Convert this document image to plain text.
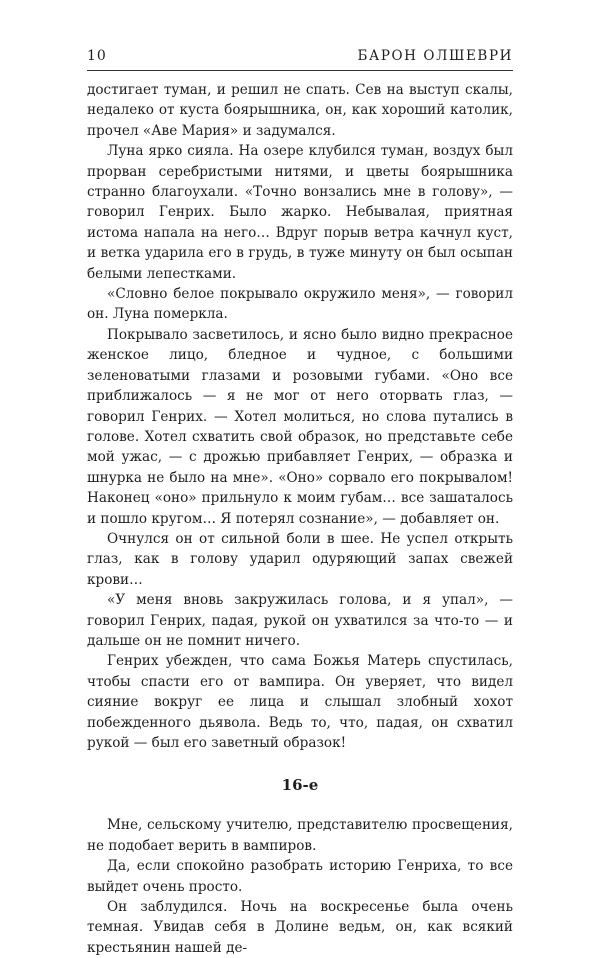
10	БАРОН ОЛШЕВРИ

достигает туман, и решил не спать. Сев на выступ скалы, недалеко от куста боярышника, он, как хороший католик, прочел «Аве Мария» и задумался.

Луна ярко сияла. На озере клубился туман, воздух был прорван серебристыми нитями, и цветы боярышника странно благоухали. «Точно вонзались мне в голову», — говорил Генрих. Было жарко. Небывалая, приятная истома напала на него… Вдруг порыв ветра качнул куст, и ветка ударила его в грудь, в туже минуту он был осыпан белыми лепестками.

«Словно белое покрывало окружило меня», — говорил он. Луна померкла.

Покрывало засветилось, и ясно было видно прекрасное женское лицо, бледное и чудное, с большими зеленоватыми глазами и розовыми губами. «Оно все приближалось — я не мог от него оторвать глаз, — говорил Генрих. — Хотел молиться, но слова путались в голове. Хотел схватить свой образок, но представьте себе мой ужас, — с дрожью прибавляет Генрих, — образка и шнурка не было на мне». «Оно» сорвало его покрывалом! Наконец «оно» прильнуло к моим губам… все зашаталось и пошло кругом… Я потерял сознание», — добавляет он.

Очнулся он от сильной боли в шее. Не успел открыть глаз, как в голову ударил одуряющий запах свежей крови…

«У меня вновь закружилась голова, и я упал», — говорил Генрих, падая, рукой он ухватился за что-то — и дальше он не помнит ничего.

Генрих убежден, что сама Божья Матерь спустилась, чтобы спасти его от вампира. Он уверяет, что видел сияние вокруг ее лица и слышал злобный хохот побежденного дьявола. Ведь то, что, падая, он схватил рукой — был его заветный образок!

16-е

Мне, сельскому учителю, представителю просвещения, не подобает верить в вампиров.

Да, если спокойно разобрать историю Генриха, то все выйдет очень просто.

Он заблудился. Ночь на воскресенье была очень темная. Увидав себя в Долине ведьм, он, как всякий крестьянин нашей де-
